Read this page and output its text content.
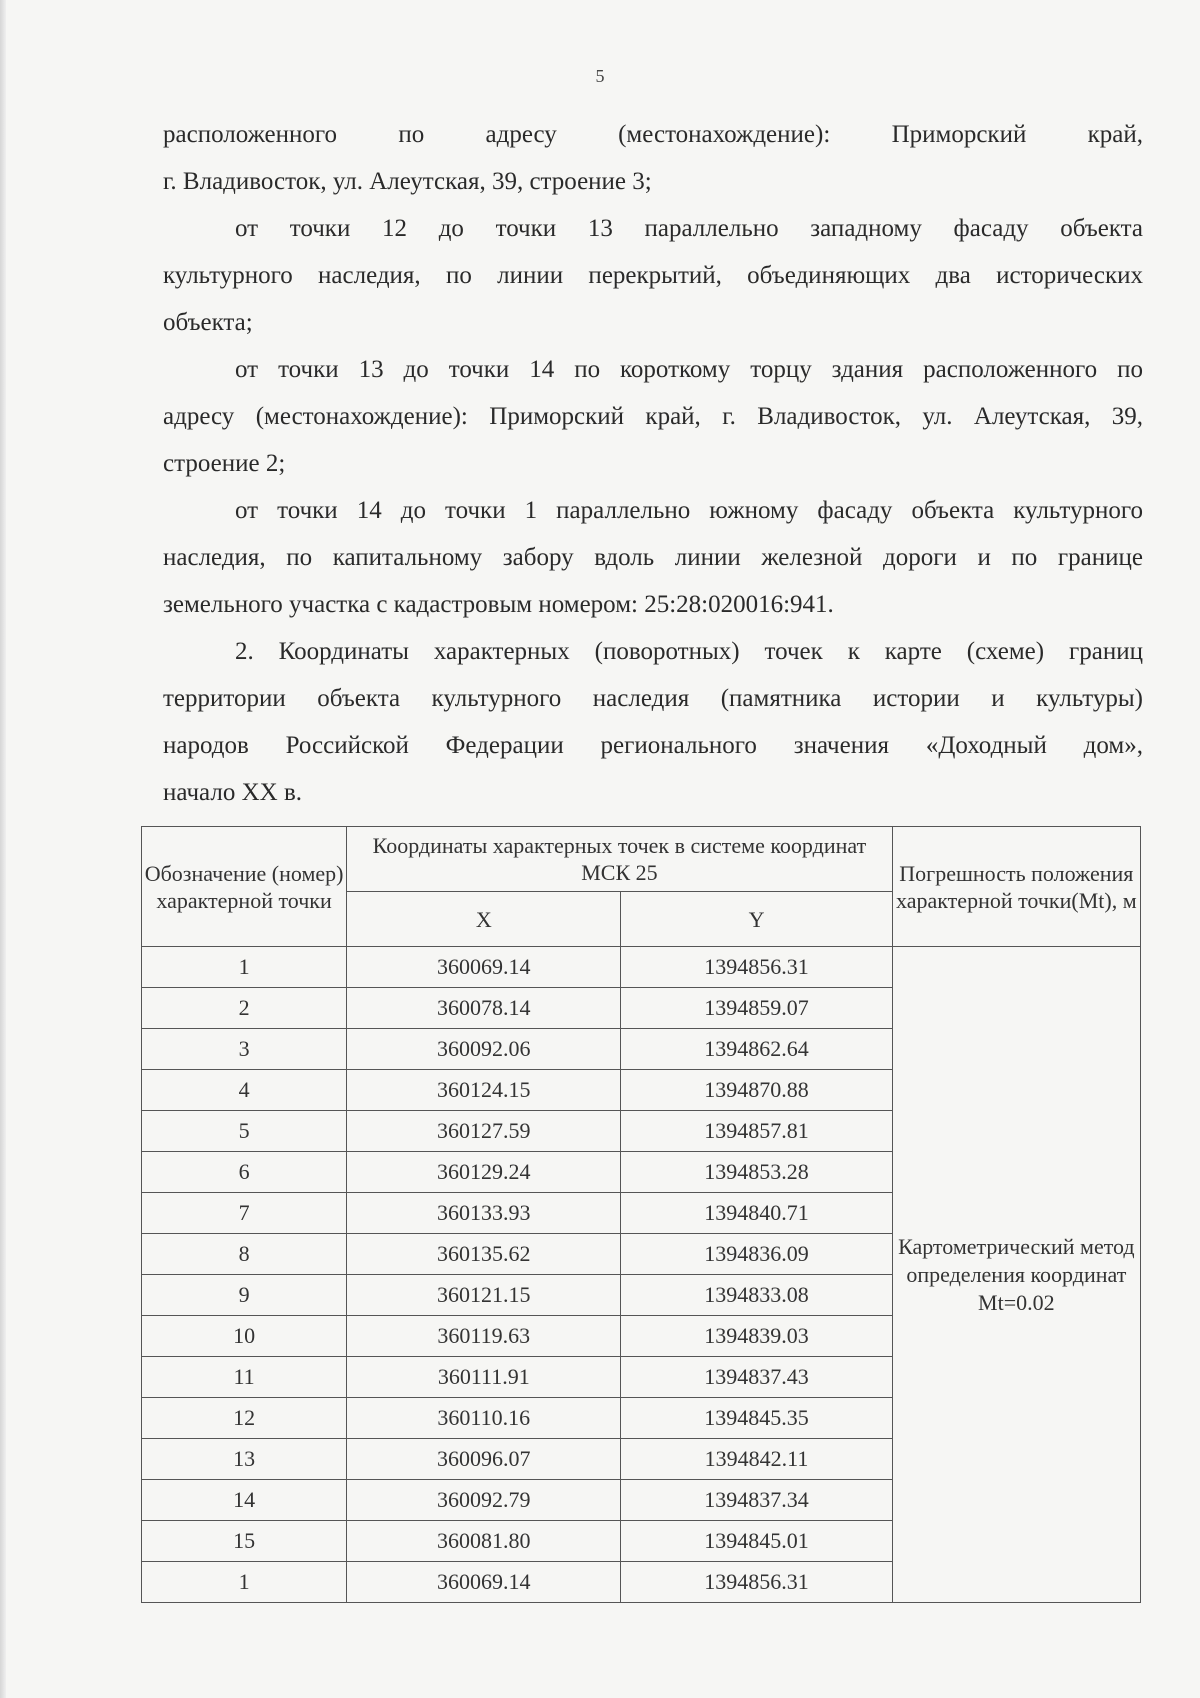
5
расположенного по адресу (местонахождение): Приморский край,
г. Владивосток, ул. Алеутская, 39, строение 3;
от точки 12 до точки 13 параллельно западному фасаду объекта
культурного наследия, по линии перекрытий, объединяющих два исторических
объекта;
от точки 13 до точки 14 по короткому торцу здания расположенного по
адресу (местонахождение): Приморский край, г. Владивосток, ул. Алеутская, 39,
строение 2;
от точки 14 до точки 1 параллельно южному фасаду объекта культурного
наследия, по капитальному забору вдоль линии железной дороги и по границе
земельного участка с кадастровым номером: 25:28:020016:941.
2. Координаты характерных (поворотных) точек к карте (схеме) границ
территории объекта культурного наследия (памятника истории и культуры)
народов Российской Федерации регионального значения «Доходный дом»,
начало XX в.
Обозначение (номер) характерной точки	Координаты характерных точек в системе координат МСК 25		Погрешность положения характерной точки(Mt), м
	X	Y	
1	360069.14	1394856.31	Картометрический метод определения координат Mt=0.02
2	360078.14	1394859.07	
3	360092.06	1394862.64	
4	360124.15	1394870.88	
5	360127.59	1394857.81	
6	360129.24	1394853.28	
7	360133.93	1394840.71	
8	360135.62	1394836.09	
9	360121.15	1394833.08	
10	360119.63	1394839.03	
11	360111.91	1394837.43	
12	360110.16	1394845.35	
13	360096.07	1394842.11	
14	360092.79	1394837.34	
15	360081.80	1394845.01	
1	360069.14	1394856.31	
